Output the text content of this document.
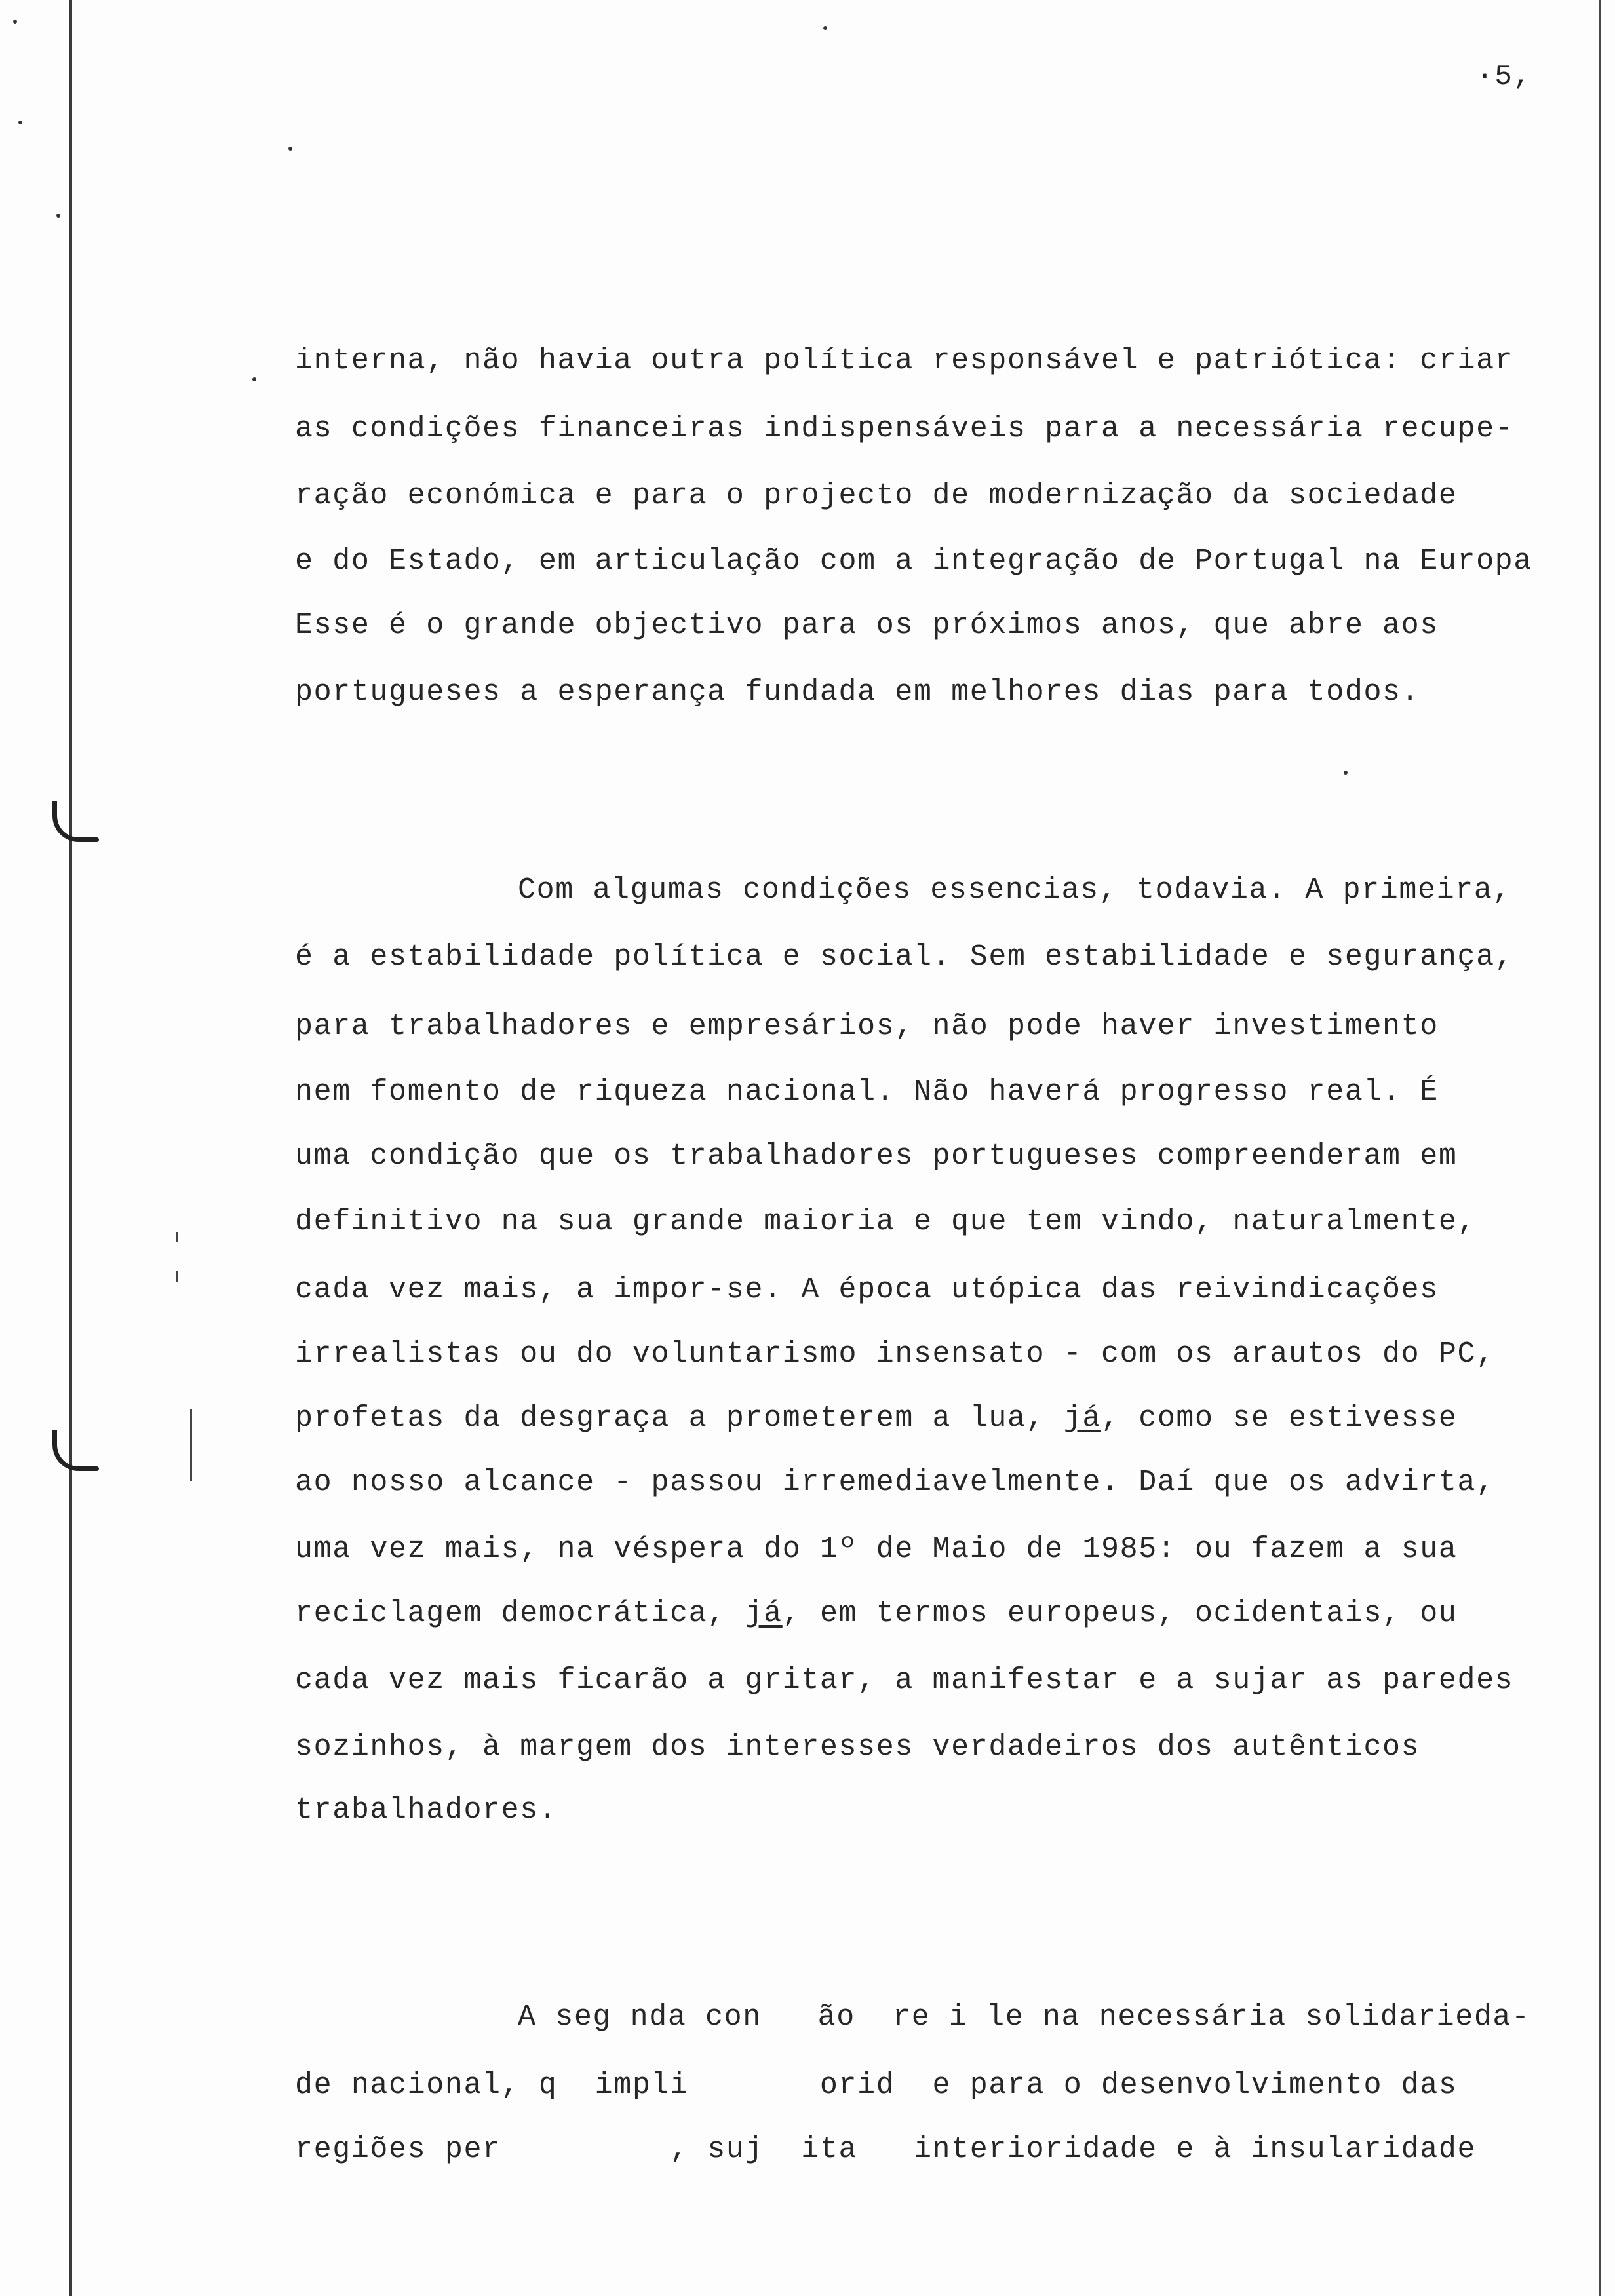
·5,
interna, não havia outra política responsável e patriótica: criar
as condições financeiras indispensáveis para a necessária recupe-
ração económica e para o projecto de modernização da sociedade
e do Estado, em articulação com a integração de Portugal na Europa
Esse é o grande objectivo para os próximos anos, que abre aos
portugueses a esperança fundada em melhores dias para todos.
Com algumas condições essencias, todavia. A primeira,
é a estabilidade política e social. Sem estabilidade e segurança,
para trabalhadores e empresários, não pode haver investimento
nem fomento de riqueza nacional. Não haverá progresso real. É
uma condição que os trabalhadores portugueses compreenderam em
definitivo na sua grande maioria e que tem vindo, naturalmente,
cada vez mais, a impor-se. A época utópica das reivindicações
irrealistas ou do voluntarismo insensato - com os arautos do PC,
profetas da desgraça a prometerem a lua, já, como se estivesse
ao nosso alcance - passou irremediavelmente. Daí que os advirta,
uma vez mais, na véspera do 1º de Maio de 1985: ou fazem a sua
reciclagem democrática, já, em termos europeus, ocidentais, ou
cada vez mais ficarão a gritar, a manifestar e a sujar as paredes
sozinhos, à margem dos interesses verdadeiros dos autênticos
trabalhadores.
A seg nda con   ão  re i le na necessária solidarieda-
de nacional, q  impli       orid  e para o desenvolvimento das
regiões per         , suj  ita   interioridade e à insularidade
